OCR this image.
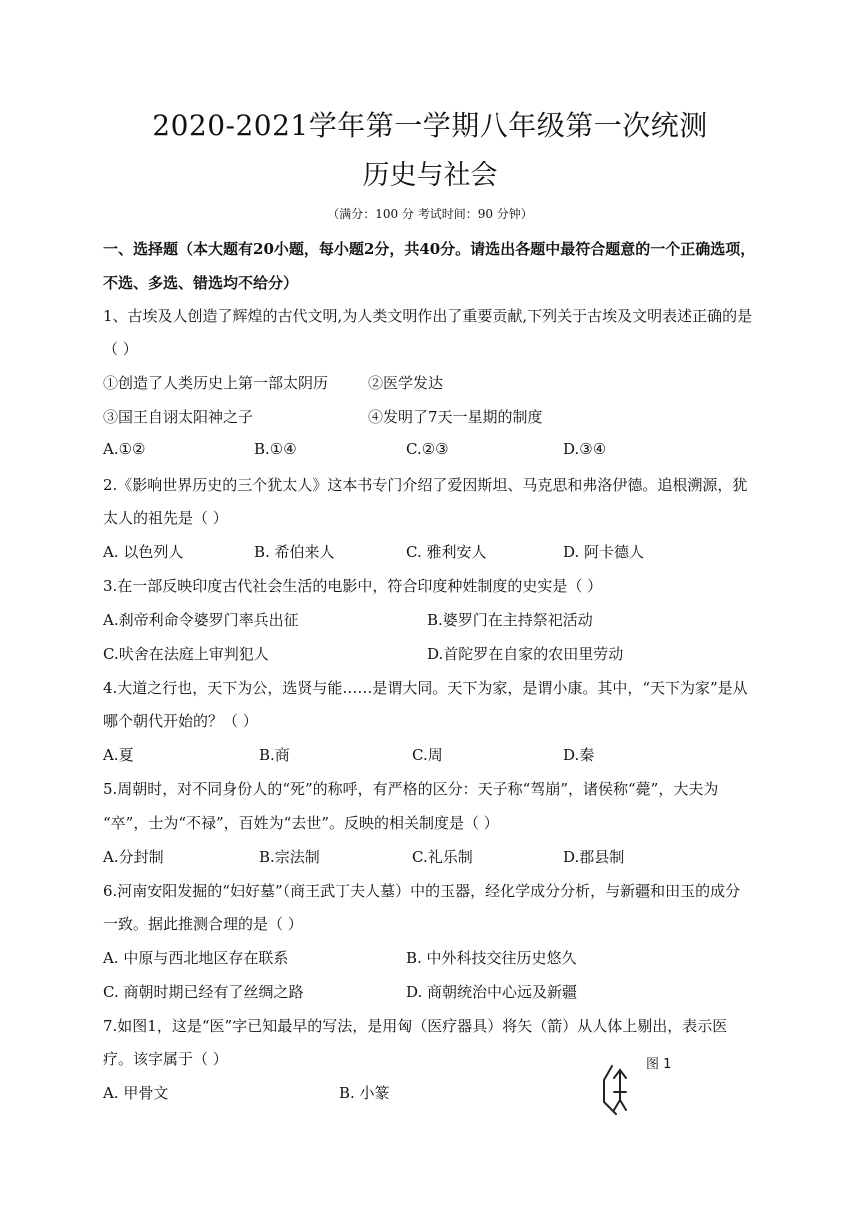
2020-2021学年第一学期八年级第一次统测
历史与社会
（满分：100 分 考试时间：90 分钟）
一、选择题（本大题有20小题，每小题2分，共40分。请选出各题中最符合题意的一个正确选项，
不选、多选、错选均不给分）
1、古埃及人创造了辉煌的古代文明,为人类文明作出了重要贡献,下列关于古埃及文明表述正确的是
（ ）
①创造了人类历史上第一部太阴历	②医学发达
③国王自诩太阳神之子	④发明了7天一星期的制度
A.①②	B.①④	C.②③	D.③④
2.《影响世界历史的三个犹太人》这本书专门介绍了爱因斯坦、马克思和弗洛伊德。追根溯源，犹
太人的祖先是（ ）
A. 以色列人	B. 希伯来人	C. 雅利安人	D. 阿卡德人
3.在一部反映印度古代社会生活的电影中，符合印度种姓制度的史实是（ ）
A.刹帝利命令婆罗门率兵出征	B.婆罗门在主持祭祀活动
C.吠舍在法庭上审判犯人	D.首陀罗在自家的农田里劳动
4.大道之行也，天下为公，选贤与能……是谓大同。天下为家，是谓小康。其中，“天下为家”是从
哪个朝代开始的？（ ）
A.夏	B.商	C.周	D.秦
5.周朝时，对不同身份人的“死”的称呼，有严格的区分：天子称“驾崩”，诸侯称“薨”，大夫为
“卒”，士为“不禄”，百姓为“去世”。反映的相关制度是（ ）
A.分封制	B.宗法制	C.礼乐制	D.郡县制
6.河南安阳发掘的“妇好墓”（商王武丁夫人墓）中的玉器，经化学成分分析，与新疆和田玉的成分
一致。据此推测合理的是（ ）
A. 中原与西北地区存在联系	B. 中外科技交往历史悠久
C. 商朝时期已经有了丝绸之路	D. 商朝统治中心远及新疆
7.如图1，这是“医”字已知最早的写法，是用匈（医疗器具）将矢（箭）从人体上剔出，表示医
疗。该字属于（ ）	图 1
A. 甲骨文	B. 小篆
